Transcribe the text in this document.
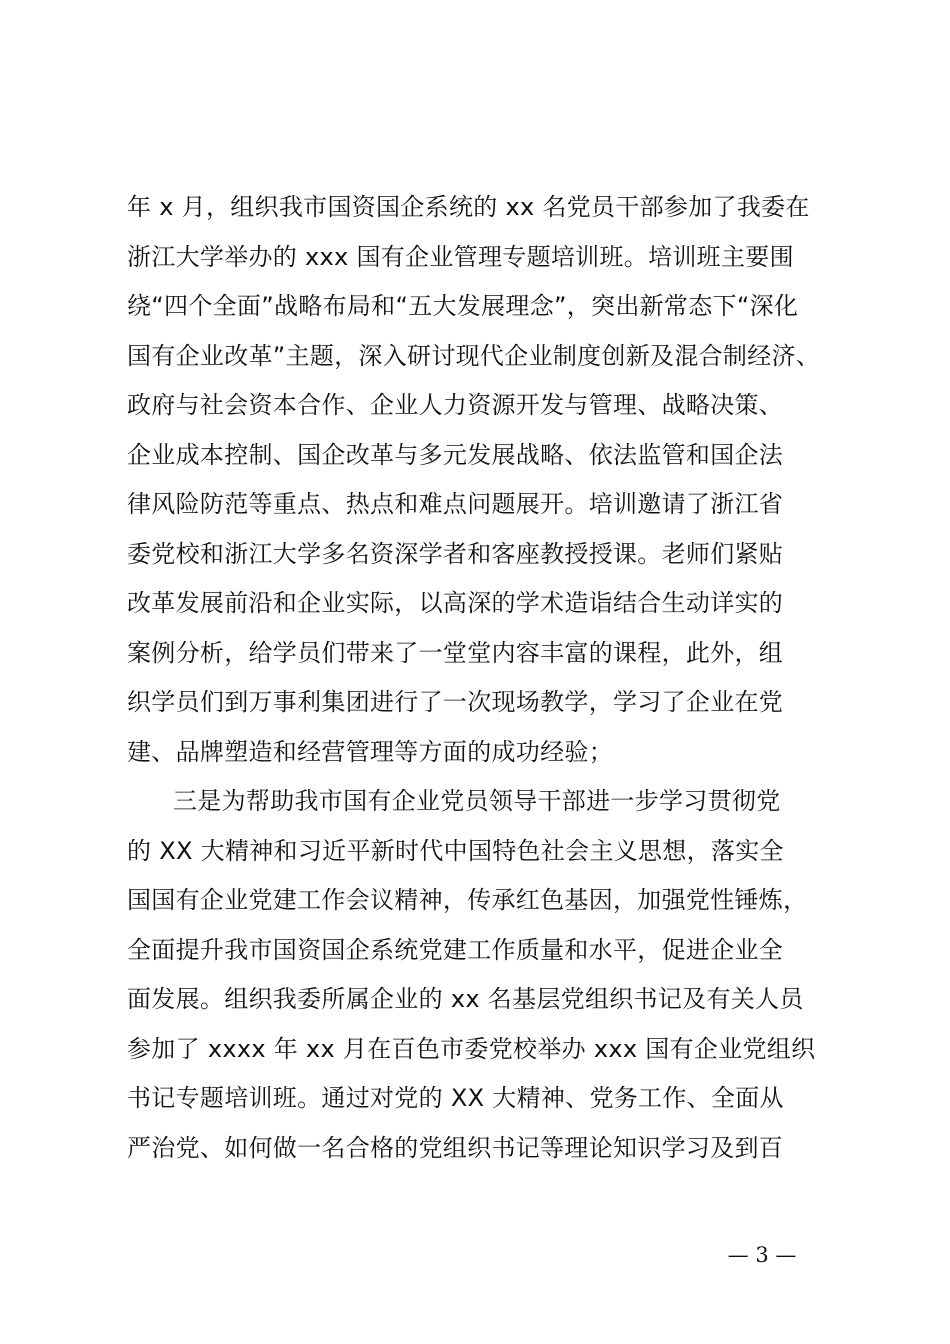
年 x 月，组织我市国资国企系统的 xx 名党员干部参加了我委在
浙江大学举办的 xxx 国有企业管理专题培训班。培训班主要围
绕“四个全面”战略布局和“五大发展理念”，突出新常态下“深化
国有企业改革”主题，深入研讨现代企业制度创新及混合制经济、
政府与社会资本合作、企业人力资源开发与管理、战略决策、
企业成本控制、国企改革与多元发展战略、依法监管和国企法
律风险防范等重点、热点和难点问题展开。培训邀请了浙江省
委党校和浙江大学多名资深学者和客座教授授课。老师们紧贴
改革发展前沿和企业实际，以高深的学术造诣结合生动详实的
案例分析，给学员们带来了一堂堂内容丰富的课程，此外，组
织学员们到万事利集团进行了一次现场教学，学习了企业在党
建、品牌塑造和经营管理等方面的成功经验；
三是为帮助我市国有企业党员领导干部进一步学习贯彻党
的 XX 大精神和习近平新时代中国特色社会主义思想，落实全
国国有企业党建工作会议精神，传承红色基因，加强党性锤炼，
全面提升我市国资国企系统党建工作质量和水平，促进企业全
面发展。组织我委所属企业的 xx 名基层党组织书记及有关人员
参加了 xxxx 年 xx 月在百色市委党校举办 xxx 国有企业党组织
书记专题培训班。通过对党的 XX 大精神、党务工作、全面从
严治党、如何做一名合格的党组织书记等理论知识学习及到百
— 3 —
